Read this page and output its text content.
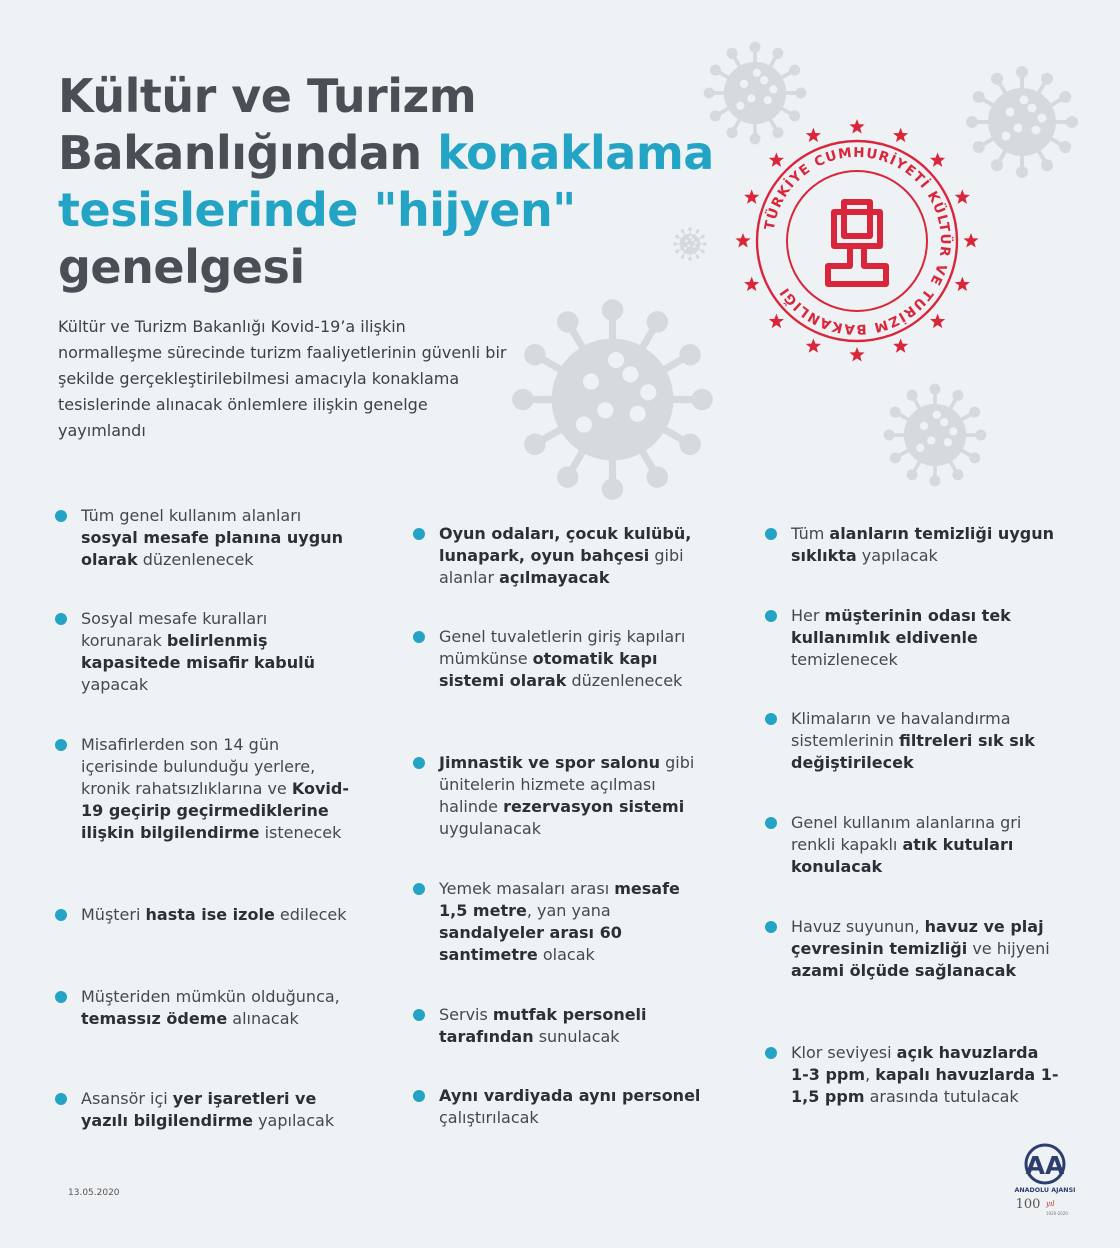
Kültür ve Turizm
Bakanlığından konaklama
tesislerinde "hijyen"
genelgesi

Kültür ve Turizm Bakanlığı Kovid-19’a ilişkin normalleşme sürecinde turizm faaliyetlerinin güvenli bir şekilde gerçekleştirilebilmesi amacıyla konaklama tesislerinde alınacak önlemlere ilişkin genelge yayımlandı

TÜRKİYE CUMHURİYETİ KÜLTÜR VE TURİZM BAKANLIĞI
Tüm genel kullanım alanları sosyal mesafe planına uygun olarak düzenlenecek
Sosyal mesafe kuralları korunarak belirlenmiş kapasitede misafir kabulü yapacak
Misafirlerden son 14 gün içerisinde bulunduğu yerlere, kronik rahatsızlıklarına ve Kovid-19 geçirip geçirmediklerine ilişkin bilgilendirme istenecek
Müşteri hasta ise izole edilecek
Müşteriden mümkün olduğunca, temassız ödeme alınacak
Asansör içi yer işaretleri ve yazılı bilgilendirme yapılacak
Oyun odaları, çocuk kulübü, lunapark, oyun bahçesi gibi alanlar açılmayacak
Genel tuvaletlerin giriş kapıları mümkünse otomatik kapı sistemi olarak düzenlenecek
Jimnastik ve spor salonu gibi ünitelerin hizmete açılması halinde rezervasyon sistemi uygulanacak
Yemek masaları arası mesafe 1,5 metre, yan yana sandalyeler arası 60 santimetre olacak
Servis mutfak personeli tarafından sunulacak
Aynı vardiyada aynı personel çalıştırılacak
Tüm alanların temizliği uygun sıklıkta yapılacak
Her müşterinin odası tek kullanımlık eldivenle temizlenecek
Klimaların ve havalandırma sistemlerinin filtreleri sık sık değiştirilecek
Genel kullanım alanlarına gri renkli kapaklı atık kutuları konulacak
Havuz suyunun, havuz ve plaj çevresinin temizliği ve hijyeni azami ölçüde sağlanacak
Klor seviyesi açık havuzlarda 1-3 ppm, kapalı havuzlarda 1-1,5 ppm arasında tutulacak
13.05.2020
AA
ANADOLU AJANSI
100 yıl
1920-2020
